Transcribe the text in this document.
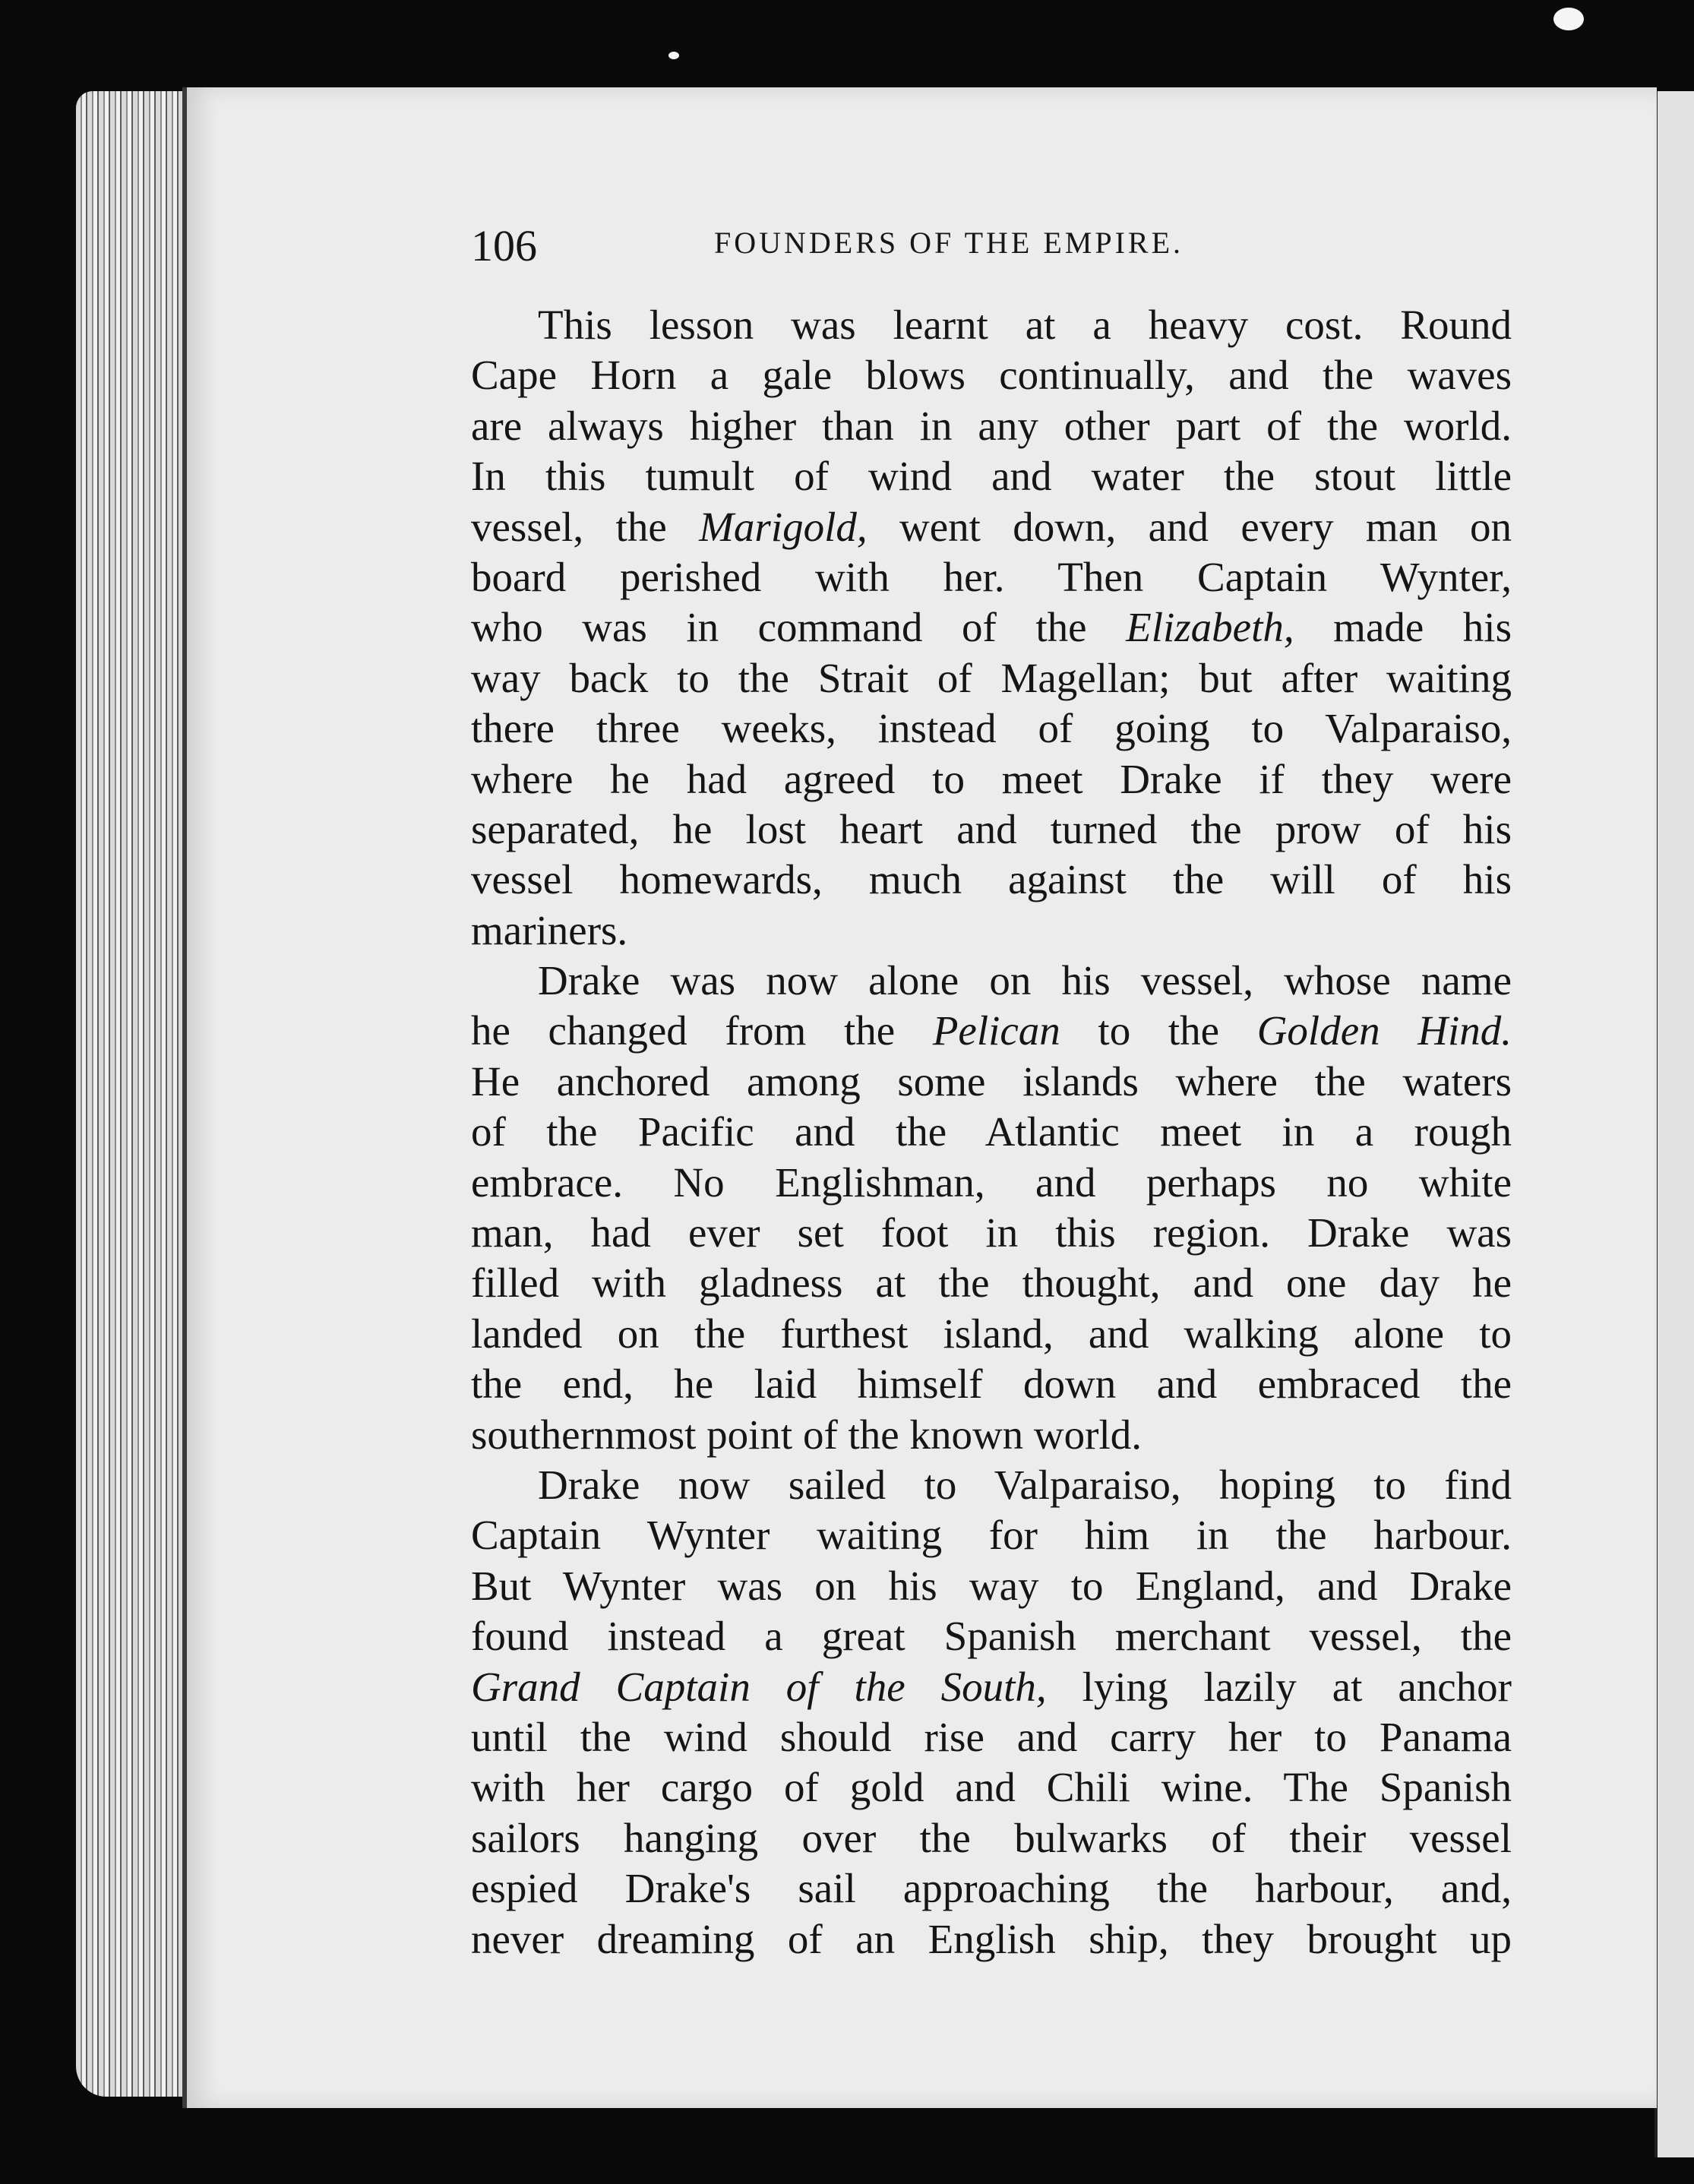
106	FOUNDERS OF THE EMPIRE.
This lesson was learnt at a heavy cost. Round
Cape Horn a gale blows continually, and the waves
are always higher than in any other part of the world.
In this tumult of wind and water the stout little
vessel, the Marigold, went down, and every man on
board perished with her. Then Captain Wynter,
who was in command of the Elizabeth, made his
way back to the Strait of Magellan; but after waiting
there three weeks, instead of going to Valparaiso,
where he had agreed to meet Drake if they were
separated, he lost heart and turned the prow of his
vessel homewards, much against the will of his
mariners.
Drake was now alone on his vessel, whose name
he changed from the Pelican to the Golden Hind.
He anchored among some islands where the waters
of the Pacific and the Atlantic meet in a rough
embrace. No Englishman, and perhaps no white
man, had ever set foot in this region. Drake was
filled with gladness at the thought, and one day he
landed on the furthest island, and walking alone to
the end, he laid himself down and embraced the
southernmost point of the known world.
Drake now sailed to Valparaiso, hoping to find
Captain Wynter waiting for him in the harbour.
But Wynter was on his way to England, and Drake
found instead a great Spanish merchant vessel, the
Grand Captain of the South, lying lazily at anchor
until the wind should rise and carry her to Panama
with her cargo of gold and Chili wine. The Spanish
sailors hanging over the bulwarks of their vessel
espied Drake's sail approaching the harbour, and,
never dreaming of an English ship, they brought up
